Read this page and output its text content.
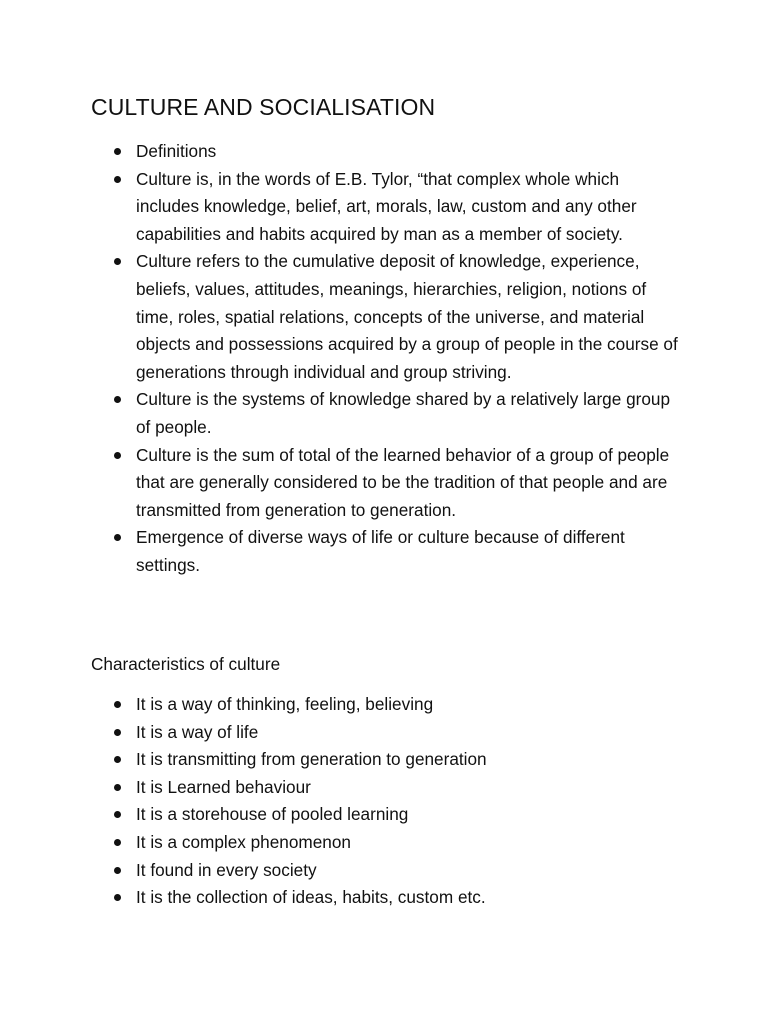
CULTURE AND SOCIALISATION
Definitions
Culture is, in the words of E.B. Tylor, “that complex whole which includes knowledge, belief, art, morals, law, custom and any other capabilities and habits acquired by man as a member of society.
Culture refers to the cumulative deposit of knowledge, experience, beliefs, values, attitudes, meanings, hierarchies, religion, notions of time, roles, spatial relations, concepts of the universe, and material objects and possessions acquired by a group of people in the course of generations through individual and group striving.
Culture is the systems of knowledge shared by a relatively large group of people.
Culture is the sum of total of the learned behavior of a group of people that are generally considered to be the tradition of that people and are transmitted from generation to generation.
Emergence of diverse ways of life or culture because of different settings.
Characteristics of culture
It is a way of thinking, feeling, believing
It is a way of life
It is transmitting from generation to generation
It is Learned behaviour
It is a storehouse of pooled learning
It is a complex phenomenon
It found in every society
It is the collection of ideas, habits, custom etc.
